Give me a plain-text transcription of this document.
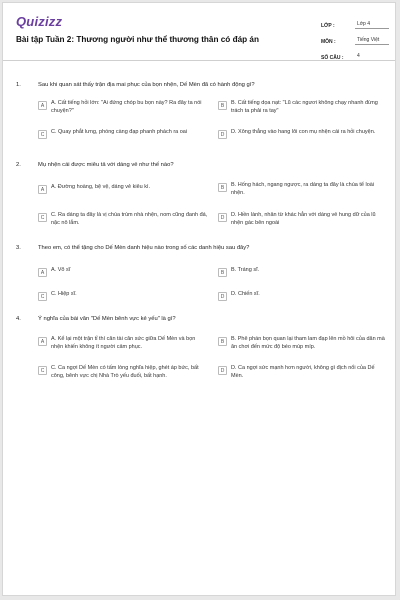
Quizizz
Bài tập Tuần 2: Thương người như thể thương thân có đáp án
LỚP :	Lớp 4
MÔN :	Tiếng Việt
SỐ CÂU :	4
1.	Sau khi quan sát thấy trận địa mai phục của bọn nhện, Dế Mèn đã có hành động gì?
A	A. Cất tiếng hỏi lớn: "Ai đứng chóp bu bọn này? Ra đây ta nói chuyện?"
B	B. Cất tiếng dọa nạt: "Lũ các ngươi không chạy nhanh đừng trách ta phải ra tay"
C	C. Quay phắt lưng, phóng càng đạp phanh phách ra oai	D	D. Xông thẳng vào hang lôi con mụ nhện cái ra hỏi chuyện.
2.	Mụ nhện cái được miêu tả với dáng vẻ như thế nào?
A	A. Đường hoàng, bệ vệ, dáng vẻ kiêu kì.	B	B. Hống hách, ngang ngược, ra dáng ta đây là chúa tể loài nhện.
C	C. Ra dáng ta đây là vị chúa trùm nhà nhện, nom cũng đanh đá, nặc nô lắm.
D	D. Hiền lành, nhân từ khác hẳn với dáng vẻ hung dữ của lũ nhện gác bên ngoài
3.	Theo em, có thể tặng cho Dế Mèn danh hiệu nào trong số các danh hiệu sau đây?
A	A. Võ sĩ	B	B. Tráng sĩ.
C	C. Hiệp sĩ.	D	D. Chiến sĩ.
4.	Ý nghĩa của bài văn "Dế Mèn bênh vực kẻ yếu" là gì?
A	A. Kể lại một trận tỉ thí căn tài căn sức giữa Dế Mèn và bọn nhện khiến không ít người cảm phục.
B	B. Phê phán bọn quan lại tham lam đạp lên mồ hôi của dân mà ăn chơi đến mức độ béo múp míp.
C	C. Ca ngợi Dế Mèn có tấm lòng nghĩa hiệp, ghét áp bức, bất công, bênh vực chị Nhà Trò yếu đuối, bất hạnh.
D	D. Ca ngợi sức mạnh hơn người, không gì địch nổi của Dế Mèn.
